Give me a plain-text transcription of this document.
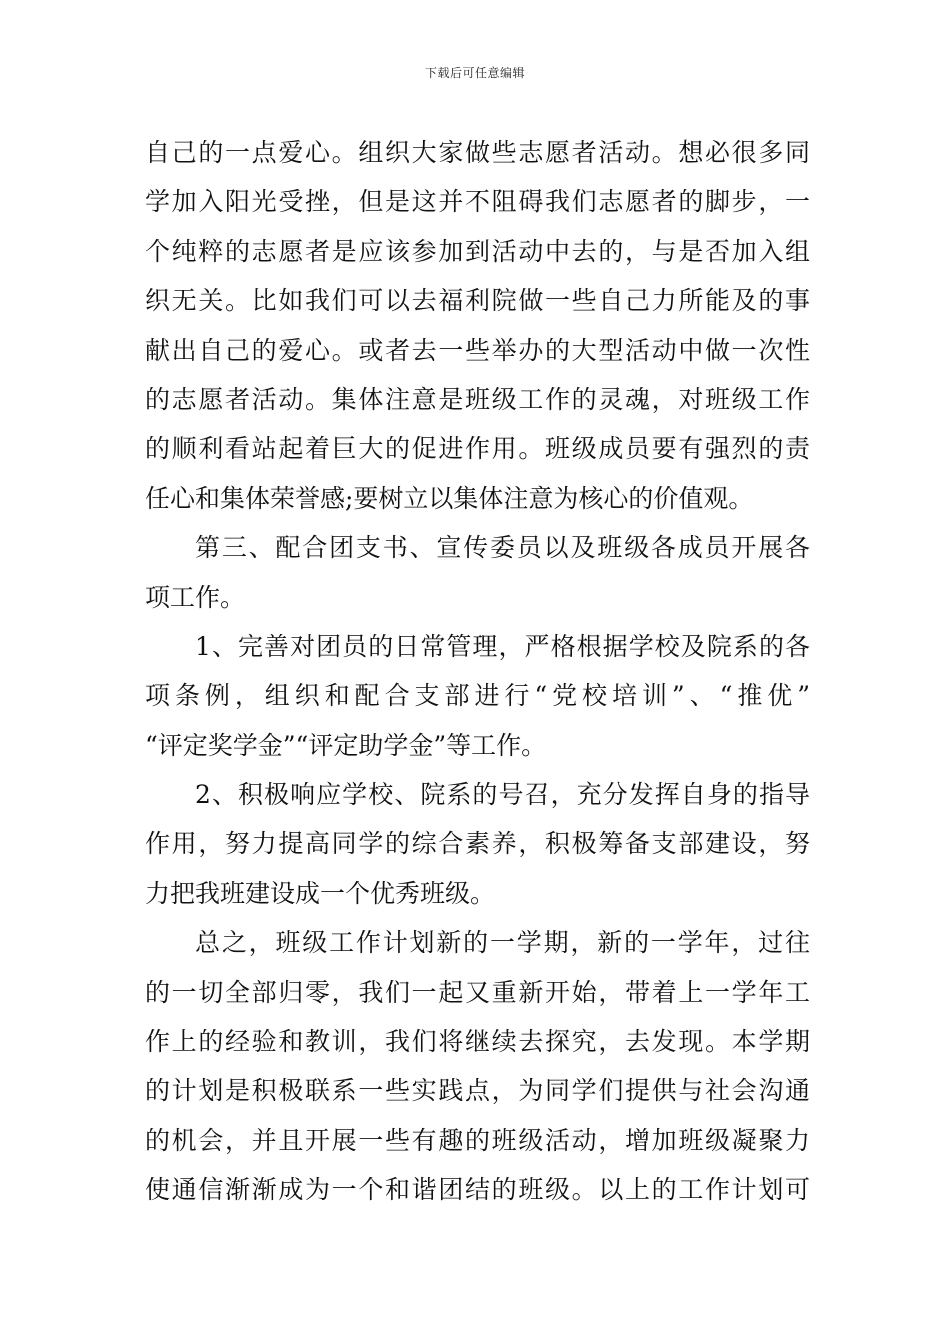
下载后可任意编辑
自己的一点爱心。组织大家做些志愿者活动。想必很多同
学加入阳光受挫，但是这并不阻碍我们志愿者的脚步，一
个纯粹的志愿者是应该参加到活动中去的，与是否加入组
织无关。比如我们可以去福利院做一些自己力所能及的事
献出自己的爱心。或者去一些举办的大型活动中做一次性
的志愿者活动。集体注意是班级工作的灵魂，对班级工作
的顺利看站起着巨大的促进作用。班级成员要有强烈的责
任心和集体荣誉感;要树立以集体注意为核心的价值观。
第三、配合团支书、宣传委员以及班级各成员开展各
项工作。
1、完善对团员的日常管理，严格根据学校及院系的各
项条例，组织和配合支部进行“党校培训”、“推优”
“评定奖学金”“评定助学金”等工作。
2、积极响应学校、院系的号召，充分发挥自身的指导
作用，努力提高同学的综合素养，积极筹备支部建设，努
力把我班建设成一个优秀班级。
总之，班级工作计划新的一学期，新的一学年，过往
的一切全部归零，我们一起又重新开始，带着上一学年工
作上的经验和教训，我们将继续去探究，去发现。本学期
的计划是积极联系一些实践点，为同学们提供与社会沟通
的机会，并且开展一些有趣的班级活动，增加班级凝聚力
使通信渐渐成为一个和谐团结的班级。以上的工作计划可
